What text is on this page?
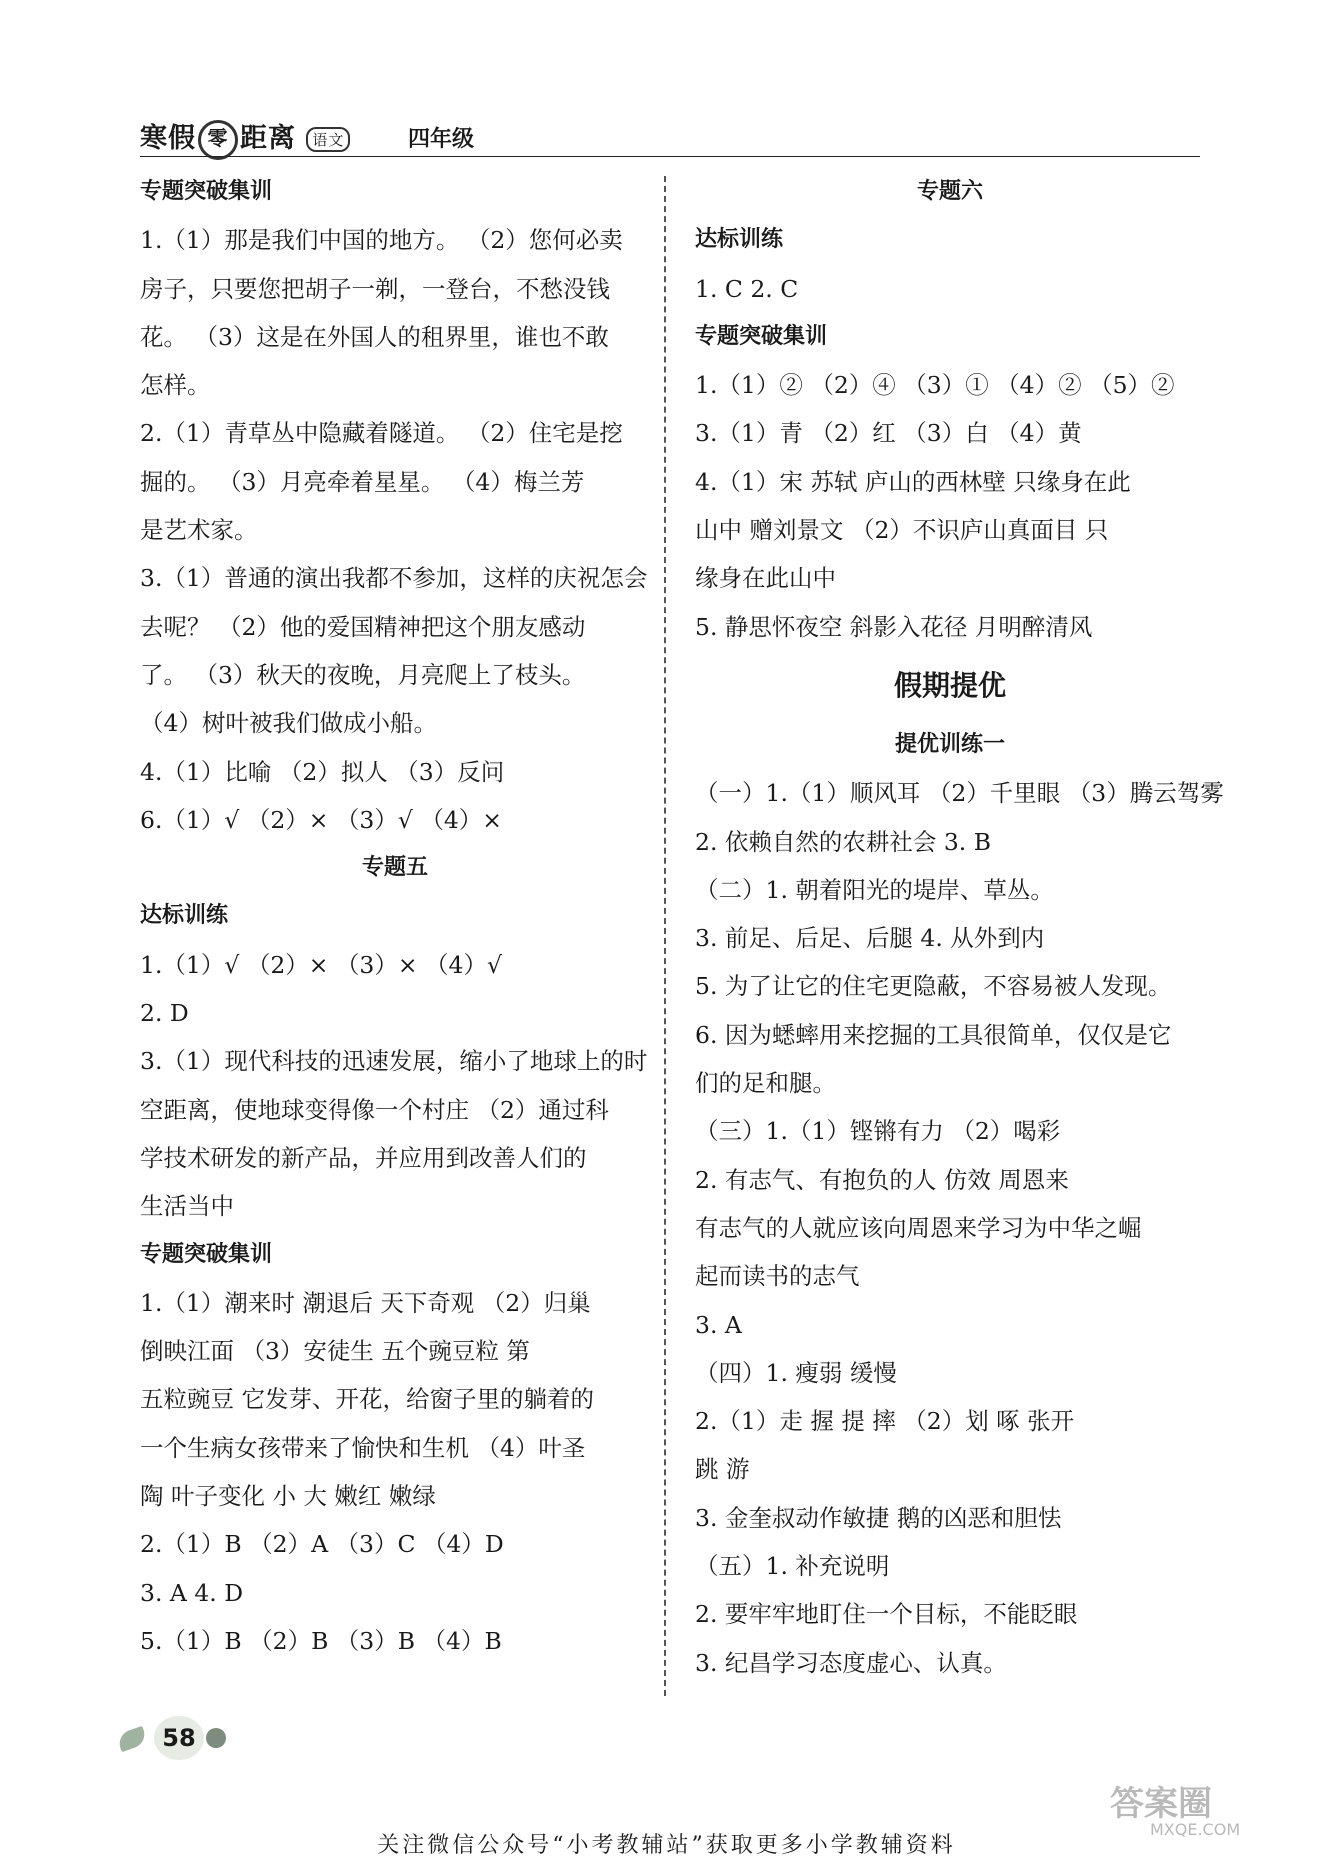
寒假 零 距离 语文	四年级
专题突破集训
1.（1）那是我们中国的地方。 （2）您何必卖
房子，只要您把胡子一剃，一登台，不愁没钱
花。 （3）这是在外国人的租界里，谁也不敢
怎样。
2.（1）青草丛中隐藏着隧道。 （2）住宅是挖
掘的。 （3）月亮牵着星星。 （4）梅兰芳
是艺术家。
3.（1）普通的演出我都不参加，这样的庆祝怎会
去呢？ （2）他的爱国精神把这个朋友感动
了。 （3）秋天的夜晚，月亮爬上了枝头。
（4）树叶被我们做成小船。
4.（1）比喻 （2）拟人 （3）反问
6.（1）√ （2）× （3）√ （4）×
专题五
达标训练
1.（1）√ （2）× （3）× （4）√
2. D
3.（1）现代科技的迅速发展，缩小了地球上的时
空距离，使地球变得像一个村庄 （2）通过科
学技术研发的新产品，并应用到改善人们的
生活当中
专题突破集训
1.（1）潮来时 潮退后 天下奇观 （2）归巢
倒映江面 （3）安徒生 五个豌豆粒 第
五粒豌豆 它发芽、开花，给窗子里的躺着的
一个生病女孩带来了愉快和生机 （4）叶圣
陶 叶子变化 小 大 嫩红 嫩绿
2.（1）B （2）A （3）C （4）D
3. A 4. D
5.（1）B （2）B （3）B （4）B
专题六
达标训练
1. C 2. C
专题突破集训
1.（1）② （2）④ （3）① （4）② （5）②
3.（1）青 （2）红 （3）白 （4）黄
4.（1）宋 苏轼 庐山的西林壁 只缘身在此
山中 赠刘景文 （2）不识庐山真面目 只
缘身在此山中
5. 静思怀夜空 斜影入花径 月明醉清风
假期提优
提优训练一
（一）1.（1）顺风耳 （2）千里眼 （3）腾云驾雾
2. 依赖自然的农耕社会 3. B
（二）1. 朝着阳光的堤岸、草丛。
3. 前足、后足、后腿 4. 从外到内
5. 为了让它的住宅更隐蔽，不容易被人发现。
6. 因为蟋蟀用来挖掘的工具很简单，仅仅是它
们的足和腿。
（三）1.（1）铿锵有力 （2）喝彩
2. 有志气、有抱负的人 仿效 周恩来
有志气的人就应该向周恩来学习为中华之崛
起而读书的志气
3. A
（四）1. 瘦弱 缓慢
2.（1）走 握 提 摔 （2）划 啄 张开
跳 游
3. 金奎叔动作敏捷 鹅的凶恶和胆怯
（五）1. 补充说明
2. 要牢牢地盯住一个目标，不能眨眼
3. 纪昌学习态度虚心、认真。
58
答案圈
MXQE.COM
关注微信公众号“小考教辅站”获取更多小学教辅资料
